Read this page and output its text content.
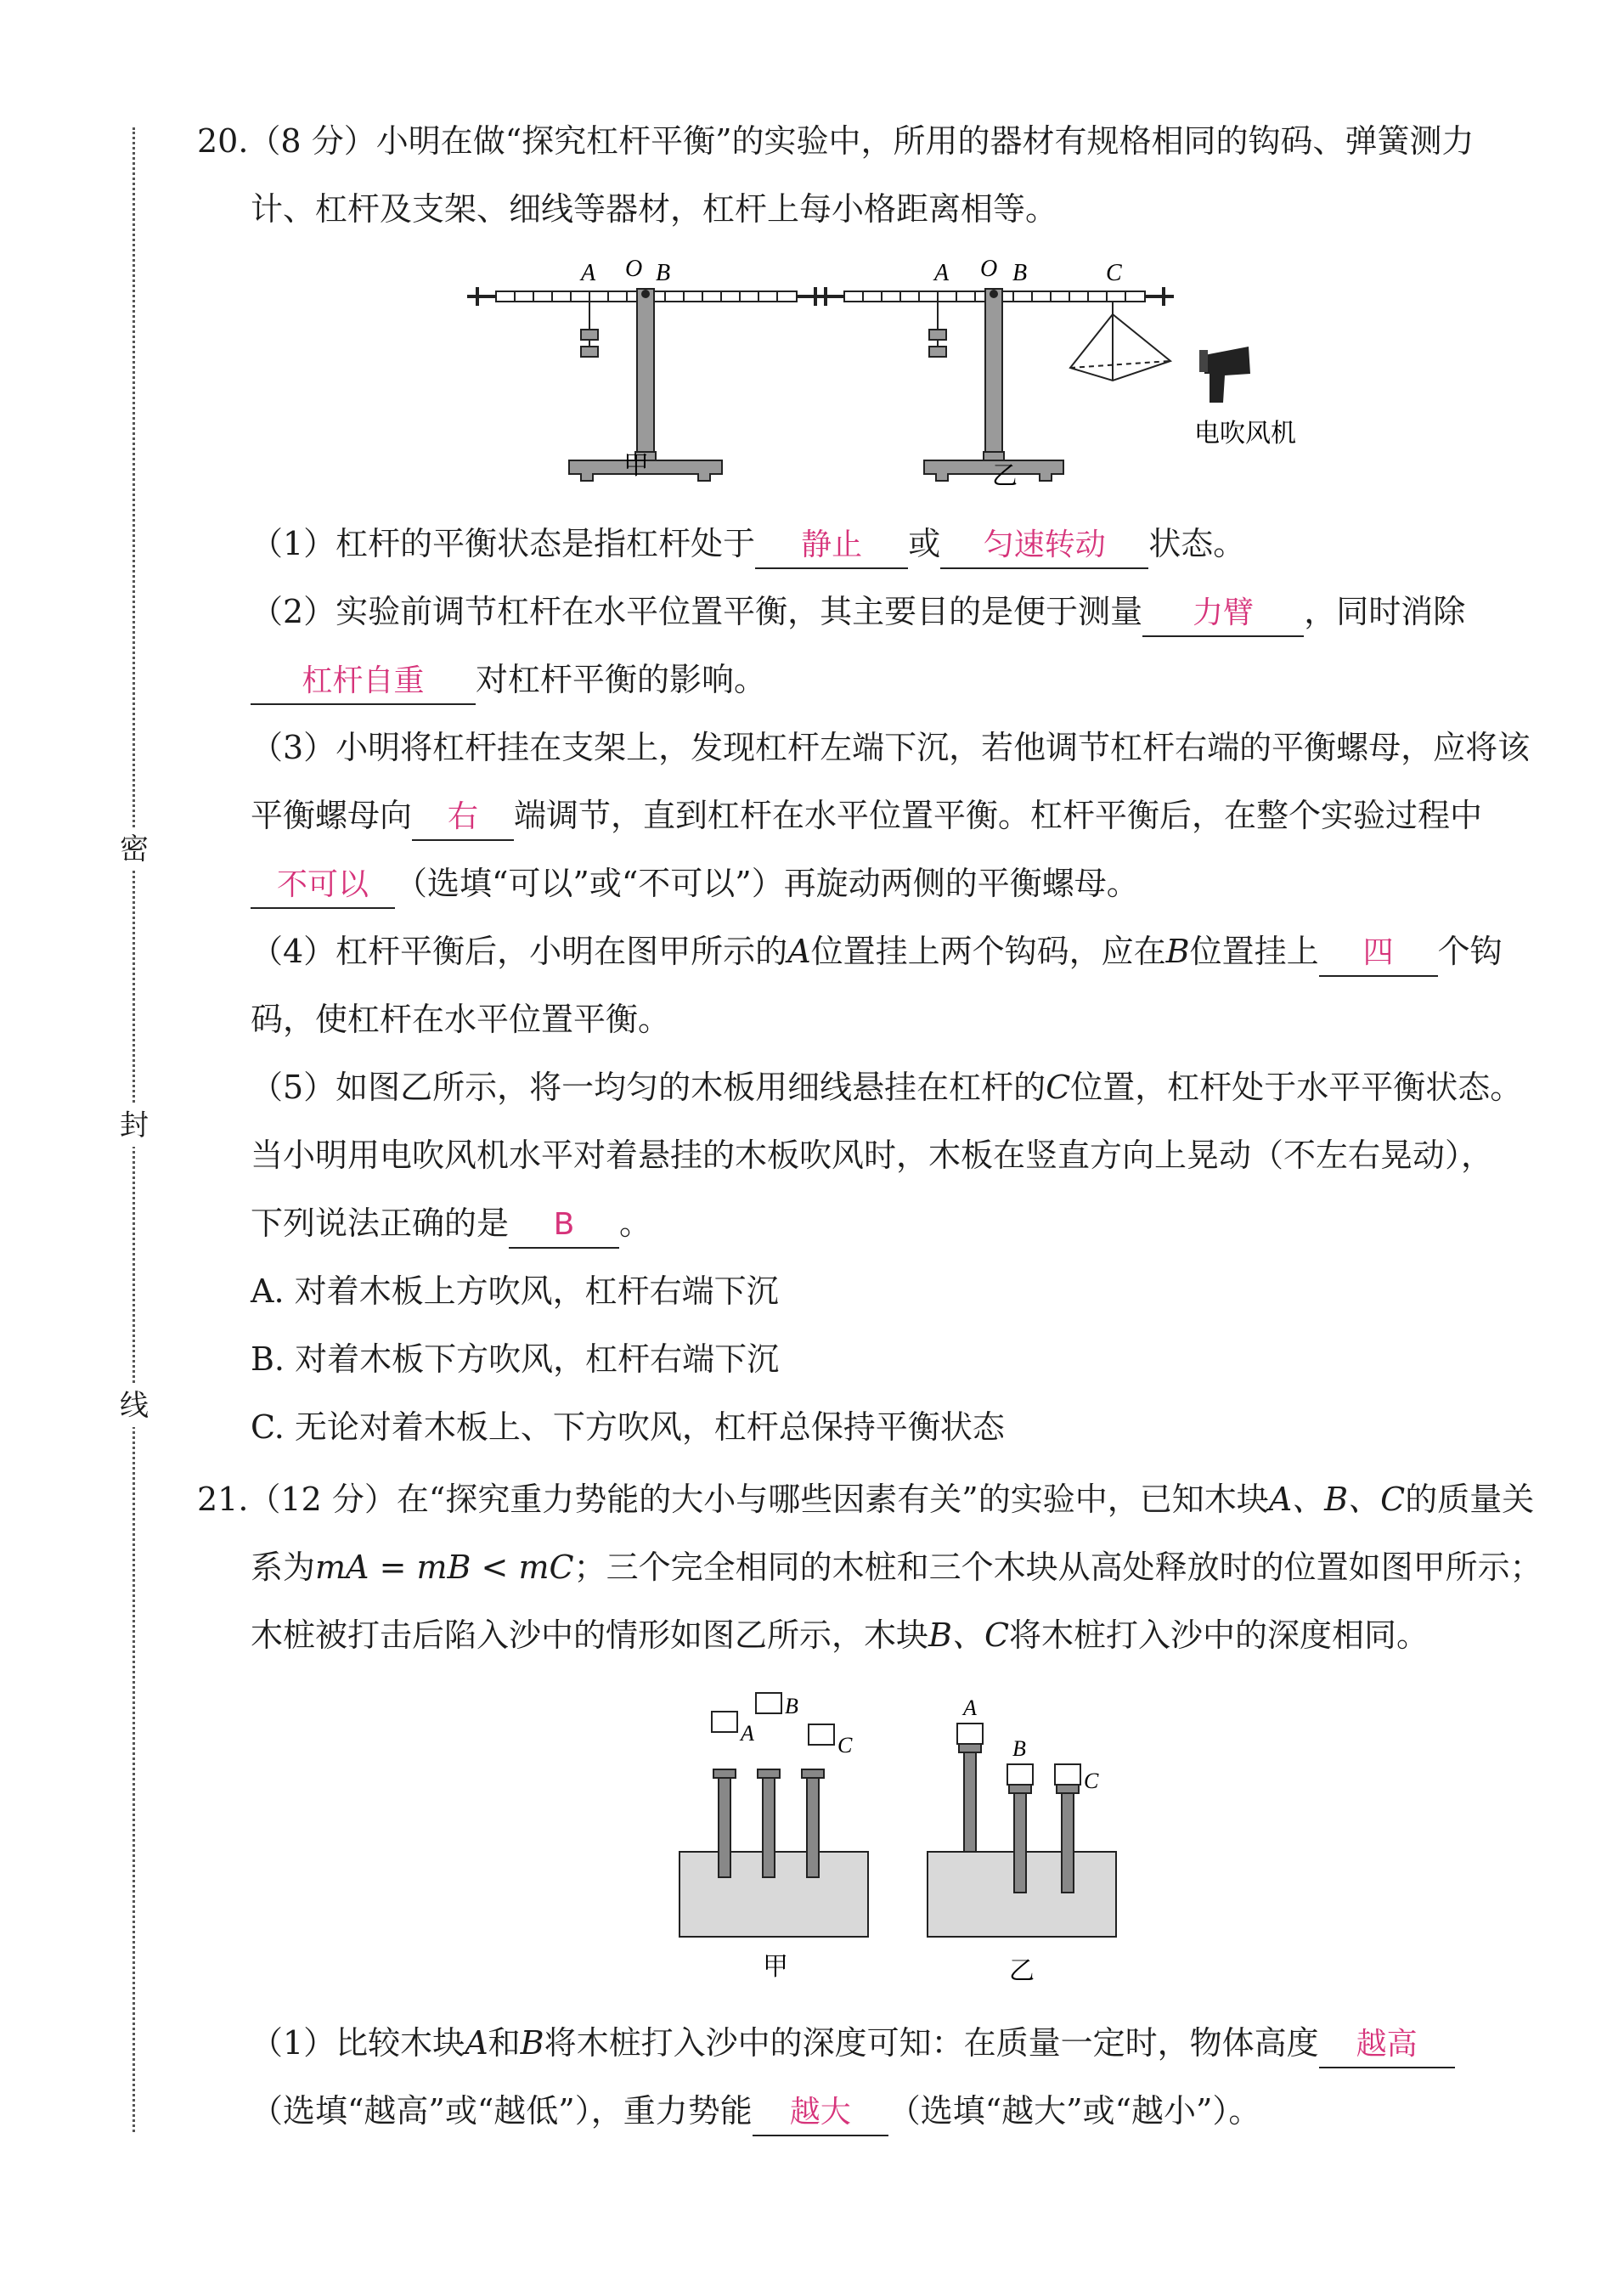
密
封
线
20.（8 分）小明在做“探究杠杆平衡”的实验中，所用的器材有规格相同的钩码、弹簧测力
计、杠杆及支架、细线等器材，杠杆上每小格距离相等。
A O B
甲
A O B	C
电吹风机
乙
（1）杠杆的平衡状态是指杠杆处于 静止 或 匀速转动 状态。
（2）实验前调节杠杆在水平位置平衡，其主要目的是便于测量 力臂 ，同时消除
杠杆自重 对杠杆平衡的影响。
（3）小明将杠杆挂在支架上，发现杠杆左端下沉，若他调节杠杆右端的平衡螺母，应将该
平衡螺母向 右 端调节，直到杠杆在水平位置平衡。杠杆平衡后，在整个实验过程中
不可以 （选填“可以”或“不可以”）再旋动两侧的平衡螺母。
（4）杠杆平衡后，小明在图甲所示的A位置挂上两个钩码，应在B位置挂上 四 个钩
码，使杠杆在水平位置平衡。
（5）如图乙所示，将一均匀的木板用细线悬挂在杠杆的C位置，杠杆处于水平平衡状态。
当小明用电吹风机水平对着悬挂的木板吹风时，木板在竖直方向上晃动（不左右晃动），
下列说法正确的是 B 。
A. 对着木板上方吹风，杠杆右端下沉
B. 对着木板下方吹风，杠杆右端下沉
C. 无论对着木板上、下方吹风，杠杆总保持平衡状态
21.（12 分）在“探究重力势能的大小与哪些因素有关”的实验中，已知木块A、B、C的质量关
系为mA = mB < mC；三个完全相同的木桩和三个木块从高处释放时的位置如图甲所示；
木桩被打击后陷入沙中的情形如图乙所示，木块B、C将木桩打入沙中的深度相同。
A
B
C
甲
A
B
C
乙
（1）比较木块A和B将木桩打入沙中的深度可知：在质量一定时，物体高度 越高
（选填“越高”或“越低”），重力势能 越大 （选填“越大”或“越小”）。
